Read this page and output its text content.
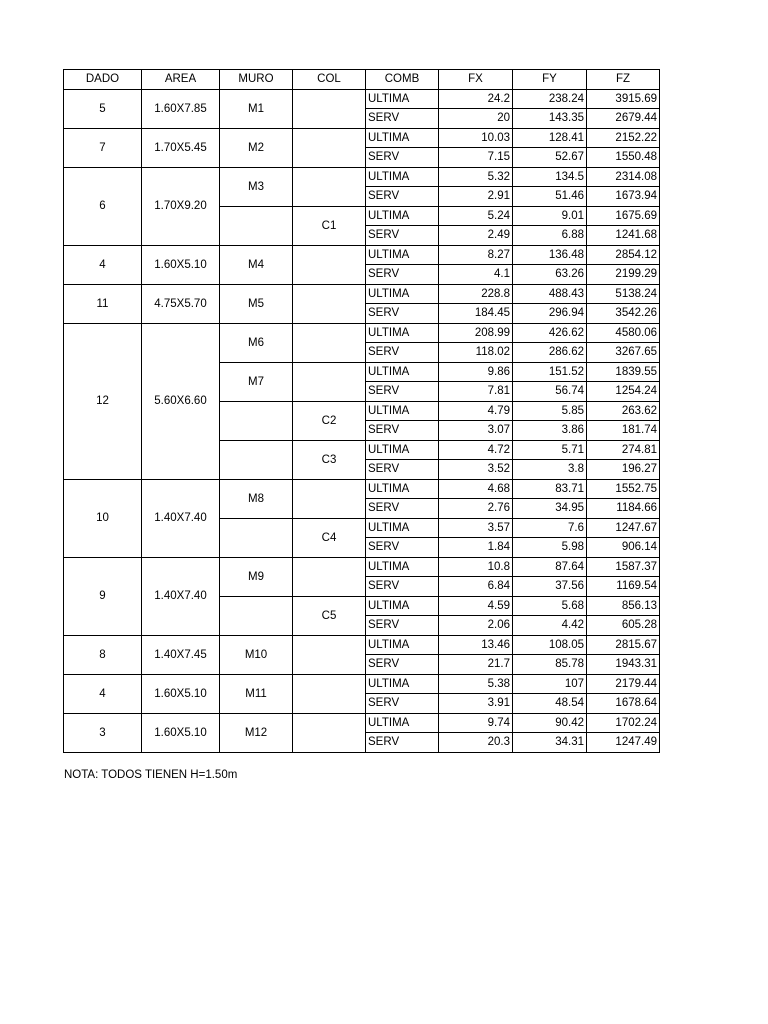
DADO	AREA	MURO	COL	COMB	FX	FY	FZ
5	1.60X7.85	M1		ULTIMA	24.2	238.24	3915.69
				SERV	20	143.35	2679.44
7	1.70X5.45	M2		ULTIMA	10.03	128.41	2152.22
				SERV	7.15	52.67	1550.48
6	1.70X9.20	M3		ULTIMA	5.32	134.5	2314.08
				SERV	2.91	51.46	1673.94
			C1	ULTIMA	5.24	9.01	1675.69
				SERV	2.49	6.88	1241.68
4	1.60X5.10	M4		ULTIMA	8.27	136.48	2854.12
				SERV	4.1	63.26	2199.29
11	4.75X5.70	M5		ULTIMA	228.8	488.43	5138.24
				SERV	184.45	296.94	3542.26
12	5.60X6.60	M6		ULTIMA	208.99	426.62	4580.06
				SERV	118.02	286.62	3267.65
		M7		ULTIMA	9.86	151.52	1839.55
				SERV	7.81	56.74	1254.24
			C2	ULTIMA	4.79	5.85	263.62
				SERV	3.07	3.86	181.74
			C3	ULTIMA	4.72	5.71	274.81
				SERV	3.52	3.8	196.27
10	1.40X7.40	M8		ULTIMA	4.68	83.71	1552.75
				SERV	2.76	34.95	1184.66
			C4	ULTIMA	3.57	7.6	1247.67
				SERV	1.84	5.98	906.14
9	1.40X7.40	M9		ULTIMA	10.8	87.64	1587.37
				SERV	6.84	37.56	1169.54
			C5	ULTIMA	4.59	5.68	856.13
				SERV	2.06	4.42	605.28
8	1.40X7.45	M10		ULTIMA	13.46	108.05	2815.67
				SERV	21.7	85.78	1943.31
4	1.60X5.10	M11		ULTIMA	5.38	107	2179.44
				SERV	3.91	48.54	1678.64
3	1.60X5.10	M12		ULTIMA	9.74	90.42	1702.24
				SERV	20.3	34.31	1247.49
NOTA: TODOS TIENEN H=1.50m
